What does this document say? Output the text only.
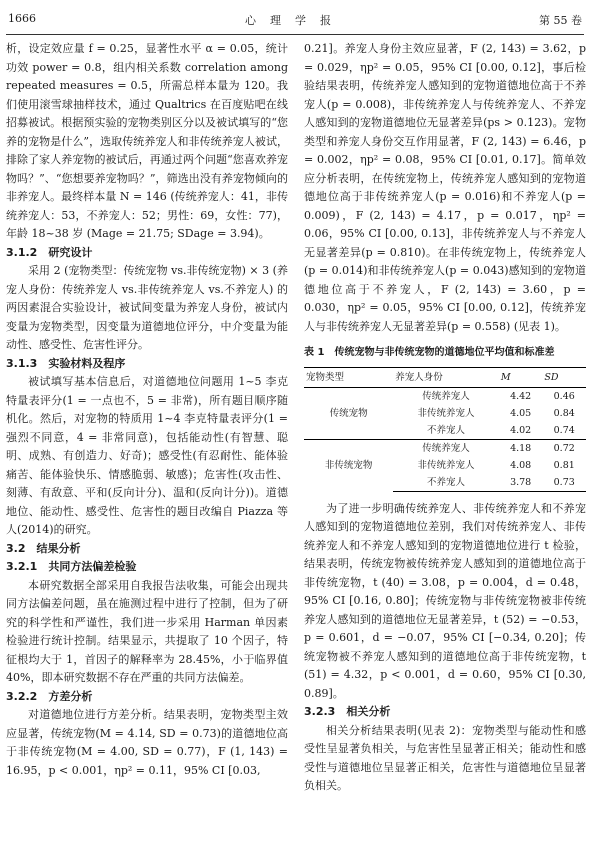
1666	心理学报	第 55 卷

析，设定效应量 f = 0.25，显著性水平 α = 0.05，统计功效 power = 0.8，组内相关系数 correlation among repeated measures = 0.5，所需总样本量为 120。我们使用滚雪球抽样技术，通过 Qualtrics 在百度贴吧在线招募被试。根据预实验的宠物类别区分以及被试填写的“您养的宠物是什么”，选取传统养宠人和非传统养宠人被试，排除了家人养宠物的被试后，再通过两个问题“您喜欢养宠物吗？”、“您想要养宠物吗？”，筛选出没有养宠物倾向的非养宠人。最终样本量 N = 146 (传统养宠人：41，非传统养宠人：53，不养宠人：52；男性：69，女性：77)，年龄 18~38 岁 (Mage = 21.75; SDage = 3.94)。

3.1.2　研究设计

采用 2 (宠物类型：传统宠物 vs.非传统宠物) × 3 (养宠人身份：传统养宠人 vs.非传统养宠人 vs.不养宠人) 的两因素混合实验设计，被试间变量为养宠人身份，被试内变量为宠物类型，因变量为道德地位评分，中介变量为能动性、感受性、危害性评分。

3.1.3　实验材料及程序

被试填写基本信息后，对道德地位问题用 1~5 李克特量表评分(1 = 一点也不，5 = 非常)，所有题目顺序随机化。然后，对宠物的特质用 1~4 李克特量表评分(1 = 强烈不同意，4 = 非常同意)，包括能动性(有智慧、聪明、成熟、有创造力、好奇)；感受性(有忍耐性、能体验痛苦、能体验快乐、情感脆弱、敏感)；危害性(攻击性、刻薄、有敌意、平和(反向计分)、温和(反向计分))。道德地位、能动性、感受性、危害性的题目改编自 Piazza 等人(2014)的研究。

3.2　结果分析

3.2.1　共同方法偏差检验

本研究数据全部采用自我报告法收集，可能会出现共同方法偏差问题，虽在施测过程中进行了控制，但为了研究的科学性和严谨性，我们进一步采用 Harman 单因素检验进行统计控制。结果显示，共提取了 10 个因子，特征根均大于 1，首因子的解释率为 28.45%，小于临界值 40%，即本研究数据不存在严重的共同方法偏差。

3.2.2　方差分析

对道德地位进行方差分析。结果表明，宠物类型主效应显著，传统宠物(M = 4.14, SD = 0.73)的道德地位高于非传统宠物(M = 4.00, SD = 0.77)，F (1, 143) = 16.95，p < 0.001，ηp² = 0.11，95% CI [0.03,

0.21]。养宠人身份主效应显著，F (2, 143) = 3.62，p = 0.029，ηp² = 0.05，95% CI [0.00, 0.12]，事后检验结果表明，传统养宠人感知到的宠物道德地位高于不养宠人(p = 0.008)，非传统养宠人与传统养宠人、不养宠人感知到的宠物道德地位无显著差异(ps > 0.123)。宠物类型和养宠人身份交互作用显著，F (2, 143) = 6.46，p = 0.002，ηp² = 0.08，95% CI [0.01, 0.17]。简单效应分析表明，在传统宠物上，传统养宠人感知到的宠物道德地位高于非传统养宠人(p = 0.016)和不养宠人(p = 0.009)，F (2, 143) = 4.17，p = 0.017，ηp² = 0.06，95% CI [0.00, 0.13]，非传统养宠人与不养宠人无显著差异(p = 0.810)。在非传统宠物上，传统养宠人(p = 0.014)和非传统养宠人(p = 0.043)感知到的宠物道德地位高于不养宠人，F (2, 143) = 3.60，p = 0.030，ηp² = 0.05，95% CI [0.00, 0.12]，传统养宠人与非传统养宠人无显著差异(p = 0.558) (见表 1)。

表 1　传统宠物与非传统宠物的道德地位平均值和标准差
宠物类型	养宠人身份	M	SD
传统宠物	传统养宠人	4.42	0.46
	非传统养宠人	4.05	0.84
	不养宠人	4.02	0.74
非传统宠物	传统养宠人	4.18	0.72
	非传统养宠人	4.08	0.81
	不养宠人	3.78	0.73

为了进一步明确传统养宠人、非传统养宠人和不养宠人感知到的宠物道德地位差别，我们对传统养宠人、非传统养宠人和不养宠人感知到的宠物道德地位进行 t 检验，结果表明，传统宠物被传统养宠人感知到的道德地位高于非传统宠物，t (40) = 3.08，p = 0.004，d = 0.48，95% CI [0.16, 0.80]；传统宠物与非传统宠物被非传统养宠人感知到的道德地位无显著差异，t (52) = −0.53，p = 0.601，d = −0.07，95% CI [−0.34, 0.20]；传统宠物被不养宠人感知到的道德地位高于非传统宠物，t (51) = 4.32，p < 0.001，d = 0.60，95% CI [0.30, 0.89]。

3.2.3　相关分析

相关分析结果表明(见表 2)：宠物类型与能动性和感受性呈显著负相关，与危害性呈显著正相关；能动性和感受性与道德地位呈显著正相关，危害性与道德地位呈显著负相关。
